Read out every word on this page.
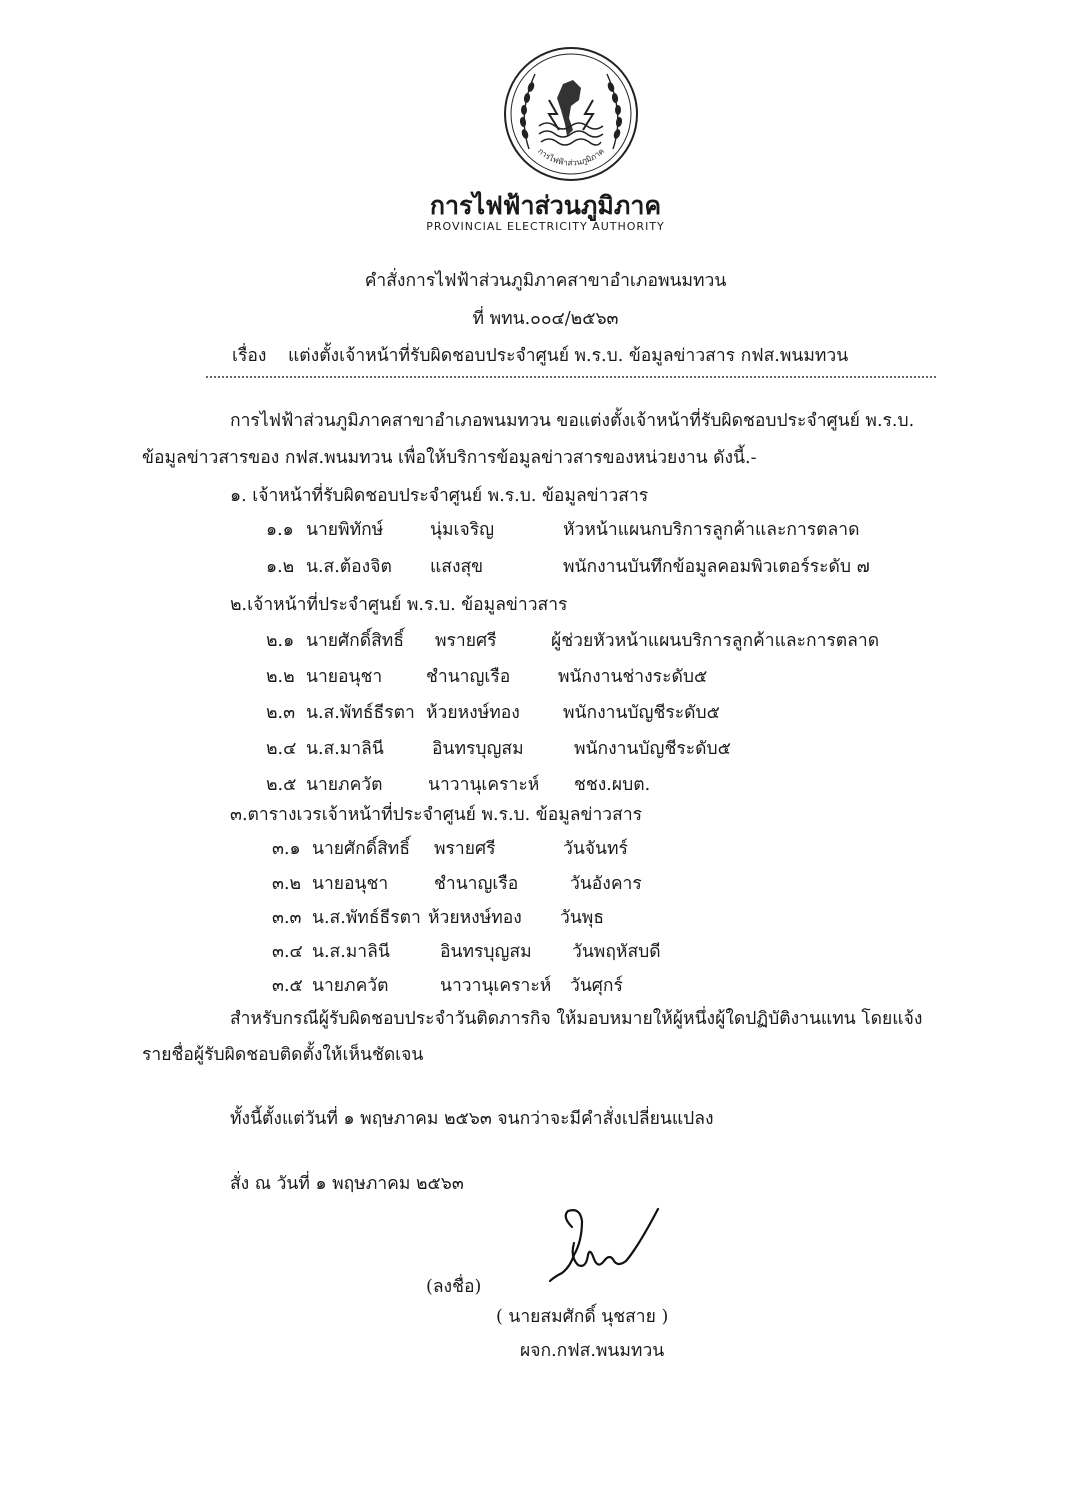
การไฟฟ้าส่วนภูมิภาค
การไฟฟ้าส่วนภูมิภาค
PROVINCIAL ELECTRICITY AUTHORITY
คำสั่งการไฟฟ้าส่วนภูมิภาคสาขาอำเภอพนมทวน
ที่ พทน.๐๐๔/๒๕๖๓
เรื่อง แต่งตั้งเจ้าหน้าที่รับผิดชอบประจำศูนย์ พ.ร.บ. ข้อมูลข่าวสาร กฟส.พนมทวน
การไฟฟ้าส่วนภูมิภาคสาขาอำเภอพนมทวน ขอแต่งตั้งเจ้าหน้าที่รับผิดชอบประจำศูนย์ พ.ร.บ.
ข้อมูลข่าวสารของ กฟส.พนมทวน เพื่อให้บริการข้อมูลข่าวสารของหน่วยงาน ดังนี้.-
๑. เจ้าหน้าที่รับผิดชอบประจำศูนย์ พ.ร.บ. ข้อมูลข่าวสาร
๑.๑ นายพิทักษ์	นุ่มเจริญ	หัวหน้าแผนกบริการลูกค้าและการตลาด
๑.๒ น.ส.ต้องจิต แสงสุข	พนักงานบันทึกข้อมูลคอมพิวเตอร์ระดับ ๗
๒.เจ้าหน้าที่ประจำศูนย์ พ.ร.บ. ข้อมูลข่าวสาร
๒.๑ นายศักดิ์สิทธิ์ พรายศรี	ผู้ช่วยหัวหน้าแผนบริการลูกค้าและการตลาด
๒.๒ นายอนุชา	ชำนาญเรือ	พนักงานช่างระดับ๕
๒.๓ น.ส.พัทธ์ธีรตา ห้วยหงษ์ทอง พนักงานบัญชีระดับ๕
๒.๔ น.ส.มาลินี	อินทรบุญสม	พนักงานบัญชีระดับ๕
๒.๕ นายภควัต	นาวานุเคราะห์ ชชง.ผบต.
๓.ตารางเวรเจ้าหน้าที่ประจำศูนย์ พ.ร.บ. ข้อมูลข่าวสาร
๓.๑ นายศักดิ์สิทธิ์ พรายศรี	วันจันทร์
๓.๒ นายอนุชา	ชำนาญเรือ	วันอังคาร
๓.๓ น.ส.พัทธ์ธีรตา ห้วยหงษ์ทอง วันพุธ
๓.๔ น.ส.มาลินี	อินทรบุญสม วันพฤหัสบดี
๓.๕ นายภควัต	นาวานุเคราะห์ วันศุกร์
สำหรับกรณีผู้รับผิดชอบประจำวันติดภารกิจ ให้มอบหมายให้ผู้หนึ่งผู้ใดปฏิบัติงานแทน โดยแจ้ง
รายชื่อผู้รับผิดชอบติดตั้งให้เห็นชัดเจน
ทั้งนี้ตั้งแต่วันที่ ๑ พฤษภาคม ๒๕๖๓ จนกว่าจะมีคำสั่งเปลี่ยนแปลง
สั่ง ณ วันที่ ๑ พฤษภาคม ๒๕๖๓
(ลงชื่อ)
( นายสมศักดิ์ นุชสาย )
ผจก.กฟส.พนมทวน
